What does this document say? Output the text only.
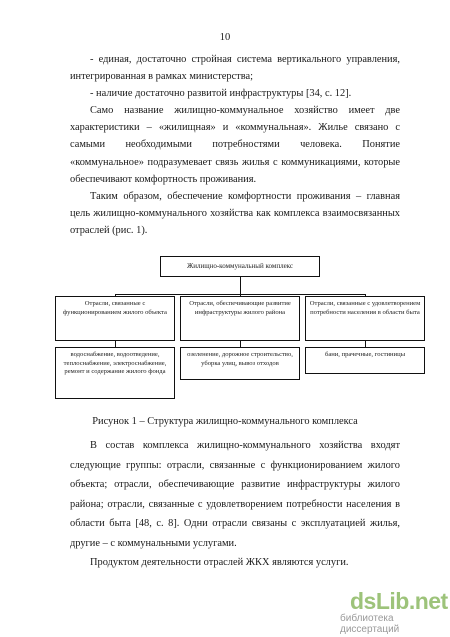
10

- единая, достаточно стройная система вертикального управления, интегрированная в рамках министерства;

- наличие достаточно развитой инфраструктуры [34, с. 12].

Само название жилищно-коммунальное хозяйство имеет две характеристики – «жилищная» и «коммунальная». Жилье связано с самыми необходимыми потребностями человека. Понятие «коммунальное» подразумевает связь жилья с коммуникациями, которые обеспечивают комфортность проживания.

Таким образом, обеспечение комфортности проживания – главная цель жилищно-коммунального хозяйства как комплекса взаимосвязанных отраслей (рис. 1).

Жилищно-коммунальный комплекс
Отрасли, связанные с функционированием жилого объекта
Отрасли, обеспечивающие развитие инфраструктуры жилого района
Отрасли, связанные с удовлетворением потребности населения в области быта
водоснабжение, водоотведение, теплоснабжение, электроснабжение, ремонт и содержание жилого фонда
озеленение, дорожное строительство, уборка улиц, вывоз отходов
бани, прачечные, гостиницы
Рисунок 1 – Структура жилищно-коммунального комплекса

В состав комплекса жилищно-коммунального хозяйства входят следующие группы: отрасли, связанные с функционированием жилого объекта; отрасли, обеспечивающие развитие инфраструктуры жилого района; отрасли, связанные с удовлетворением потребности населения в области быта [48, с. 8]. Одни отрасли связаны с эксплуатацией жилья, другие – с коммунальными услугами.

Продуктом деятельности отраслей ЖКХ являются услуги.

dsLib.net
библиотека диссертаций
